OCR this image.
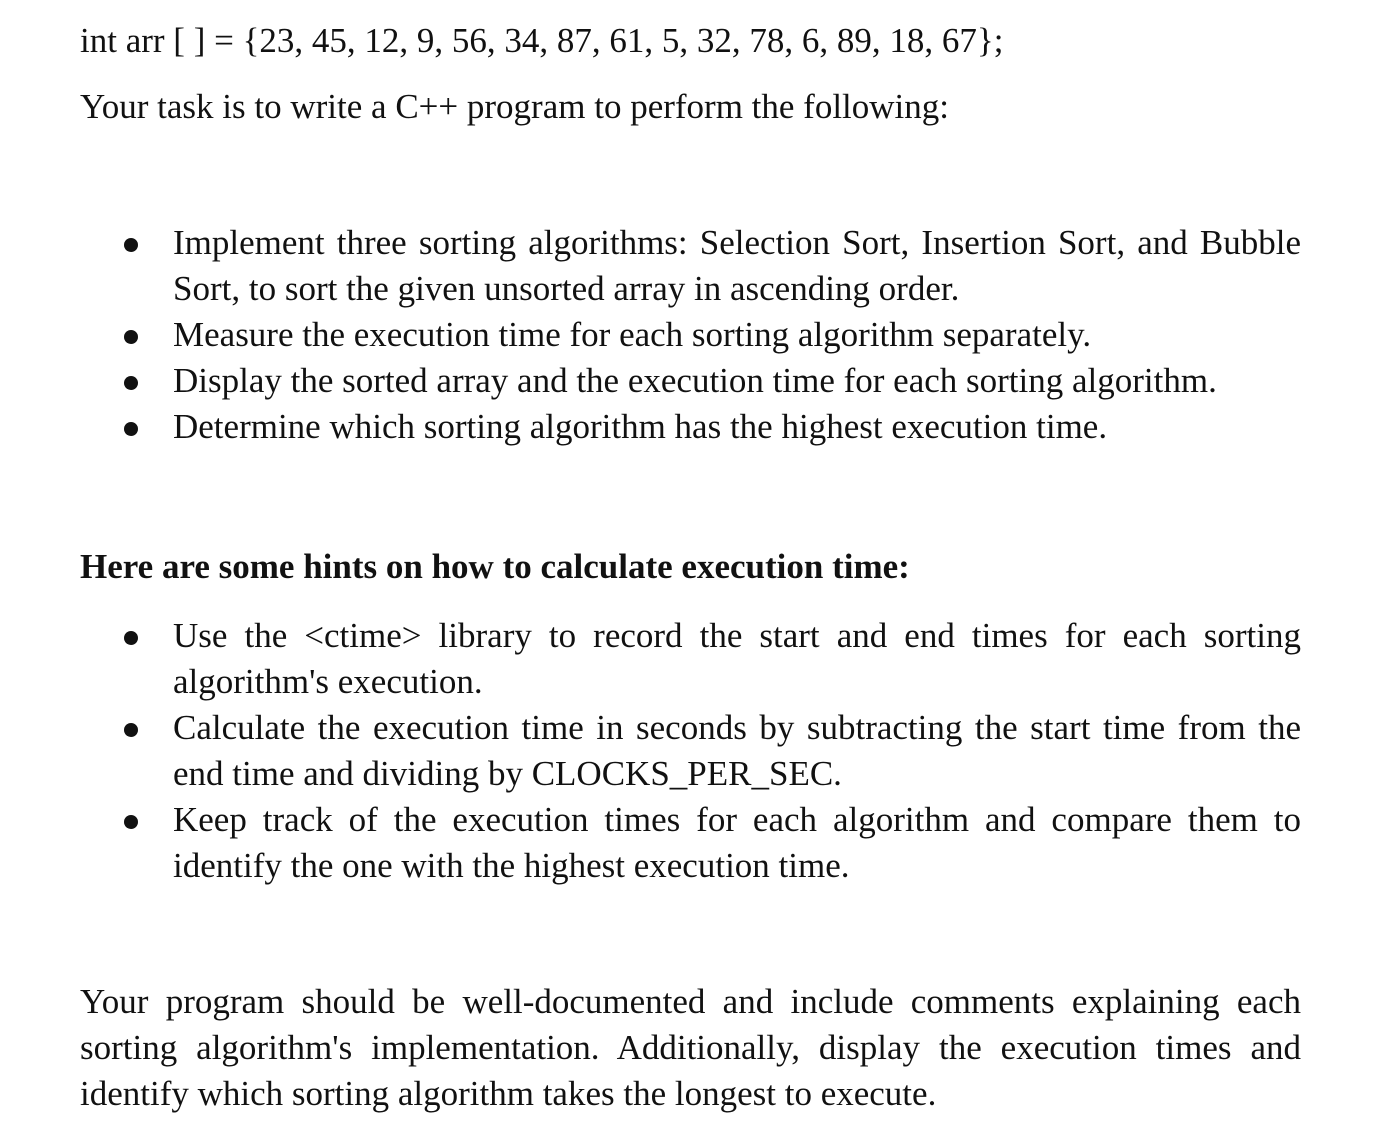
int arr [ ] = {23, 45, 12, 9, 56, 34, 87, 61, 5, 32, 78, 6, 89, 18, 67};

Your task is to write a C++ program to perform the following:

Implement three sorting algorithms: Selection Sort, Insertion Sort, and Bubble Sort, to sort the given unsorted array in ascending order.
Measure the execution time for each sorting algorithm separately.
Display the sorted array and the execution time for each sorting algorithm.
Determine which sorting algorithm has the highest execution time.

Here are some hints on how to calculate execution time:

Use the <ctime> library to record the start and end times for each sorting algorithm's execution.
Calculate the execution time in seconds by subtracting the start time from the end time and dividing by CLOCKS_PER_SEC.
Keep track of the execution times for each algorithm and compare them to identify the one with the highest execution time.

Your program should be well-documented and include comments explaining each sorting algorithm's implementation. Additionally, display the execution times and identify which sorting algorithm takes the longest to execute.
